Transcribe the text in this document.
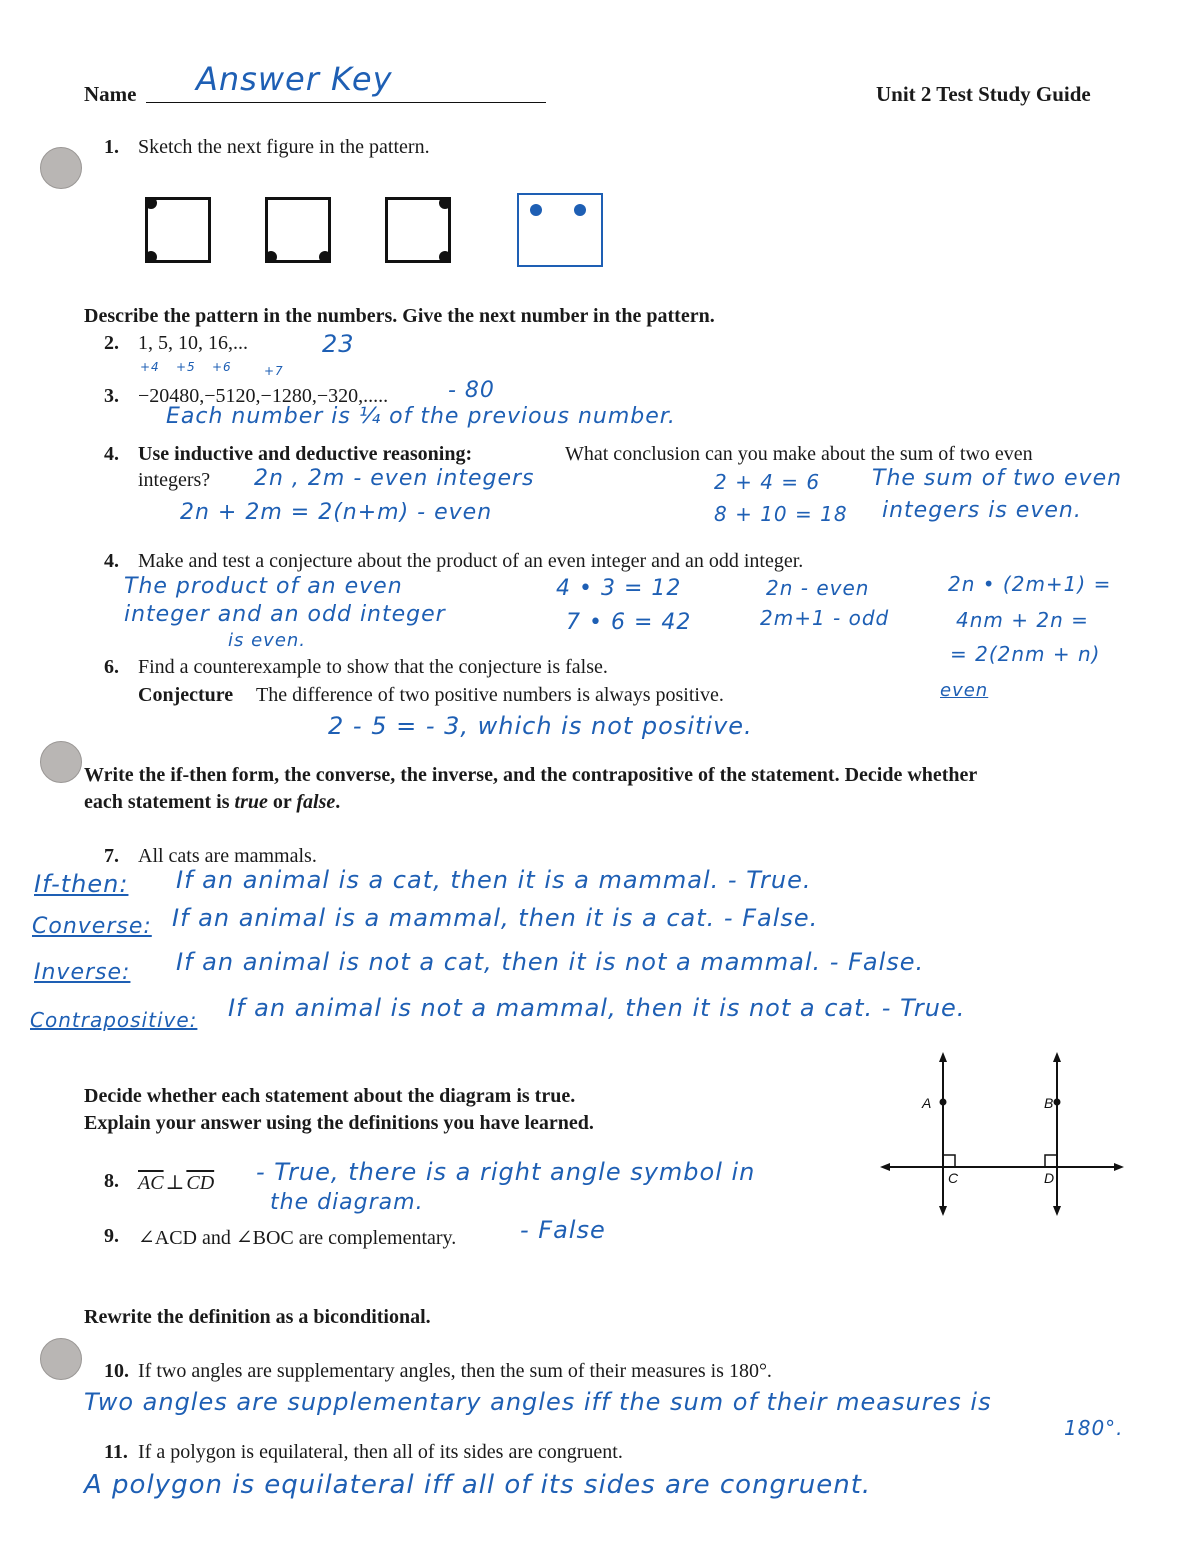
Name Answer Key	Unit 2 Test Study Guide
1. Sketch the next figure in the pattern.
Describe the pattern in the numbers. Give the next number in the pattern.
2. 1, 5, 10, 16,...	23
+4 +5 +6	+7
3. −20480,−5120,−1280,−320,.....	- 80
Each number is ¼ of the previous number.
4. Use inductive and deductive reasoning:	What conclusion can you make about the sum of two even
integers? 2n , 2m - even integers
2n + 2m = 2(n+m) - even
2 + 4 = 6
8 + 10 = 18
The sum of two even
integers is even.
4. Make and test a conjecture about the product of an even integer and an odd integer.
The product of an even
integer and an odd integer
is even.
4 • 3 = 12
7 • 6 = 42
2n - even
2m+1 - odd
2n • (2m+1) =
4nm + 2n =
= 2(2nm + n)
even
6. Find a counterexample to show that the conjecture is false.
Conjecture The difference of two positive numbers is always positive.
2 - 5 = - 3, which is not positive.
Write the if-then form, the converse, the inverse, and the contrapositive of the statement. Decide whether
each statement is true or false.
7. All cats are mammals.
If-then: If an animal is a cat, then it is a mammal. - True.
Converse: If an animal is a mammal, then it is a cat. - False.
Inverse: If an animal is not a cat, then it is not a mammal. - False.
Contrapositive: If an animal is not a mammal, then it is not a cat. - True.
Decide whether each statement about the diagram is true.
Explain your answer using the definitions you have learned.
A	B
C	D
8. $\overline{AC}$ ⊥ $\overline{CD}$ - True, there is a right angle symbol in
the diagram.
9. ∠ACD and ∠BOC are complementary.	- False
Rewrite the definition as a biconditional.
10. If two angles are supplementary angles, then the sum of their measures is 180°.
Two angles are supplementary angles iff the sum of their measures is
180°.
11. If a polygon is equilateral, then all of its sides are congruent.
A polygon is equilateral iff all of its sides are congruent.
